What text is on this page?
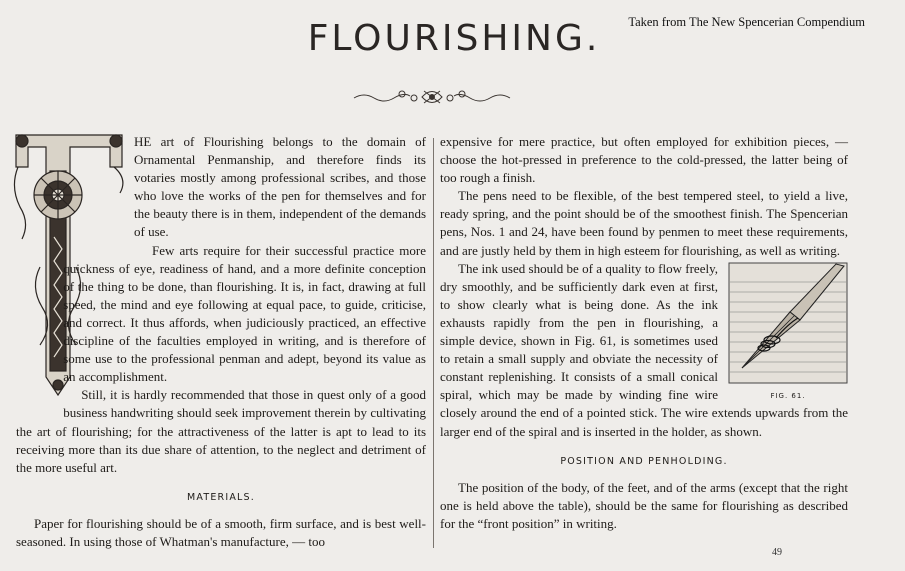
Taken from The New Spencerian Compendium
FLOURISHING.

HE art of Flourishing belongs to the domain of Ornamental Penmanship, and therefore finds its votaries mostly among professional scribes, and those who love the works of the pen for themselves and for the beauty there is in them, independent of the demands of use.

Few arts require for their successful practice more quickness of eye, readiness of hand, and a more definite conception of the thing to be done, than flourishing. It is, in fact, drawing at full speed, the mind and eye following at equal pace, to guide, criticise, and correct. It thus affords, when judiciously practiced, an effective discipline of the faculties employed in writing, and is therefore of some use to the professional penman and adept, beyond its value as an accomplishment.

Still, it is hardly recommended that those in quest only of a good business handwriting should seek improvement therein by cultivating the art of flourishing; for the attractiveness of the latter is apt to lead to its receiving more than its due share of attention, to the neglect and detriment of the more useful art.

MATERIALS.

Paper for flourishing should be of a smooth, firm surface, and is best well-seasoned. In using those of Whatman's manufacture, — too

expensive for mere practice, but often employed for exhibition pieces, — choose the hot-pressed in preference to the cold-pressed, the latter being of too rough a finish.

The pens need to be flexible, of the best tempered steel, to yield a live, ready spring, and the point should be of the smoothest finish. The Spencerian pens, Nos. 1 and 24, have been found by penmen to meet these requirements, and are justly held by them in high esteem for flourishing, as well as writing.

FIG. 61.

The ink used should be of a quality to flow freely, dry smoothly, and be sufficiently dark even at first, to show clearly what is being done. As the ink exhausts rapidly from the pen in flourishing, a simple device, shown in Fig. 61, is sometimes used to retain a small supply and obviate the necessity of constant replenishing. It consists of a small conical spiral, which may be made by winding fine wire closely around the end of a pointed stick. The wire extends upwards from the larger end of the spiral and is inserted in the holder, as shown.

POSITION AND PENHOLDING.

The position of the body, of the feet, and of the arms (except that the right one is held above the table), should be the same for flourishing as described for the “front position” in writing.

49
